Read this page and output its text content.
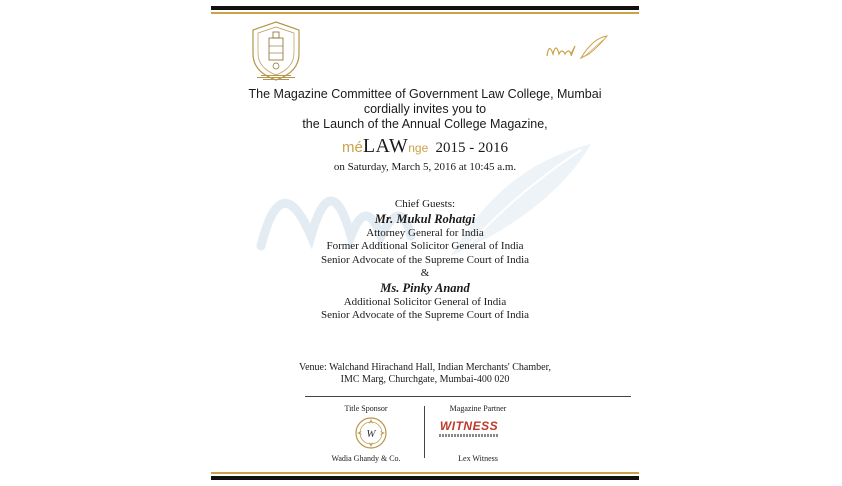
The Magazine Committee of Government Law College, Mumbai
cordially invites you to
the Launch of the Annual College Magazine,
méLAWnge 2015 - 2016
on Saturday, March 5, 2016 at 10:45 a.m.
Chief Guests:
Mr. Mukul Rohatgi
Attorney General for India
Former Additional Solicitor General of India
Senior Advocate of the Supreme Court of India
&
Ms. Pinky Anand
Additional Solicitor General of India
Senior Advocate of the Supreme Court of India
Venue: Walchand Hirachand Hall, Indian Merchants' Chamber,
IMC Marg, Churchgate, Mumbai-400 020
Title Sponsor
W
Wadia Ghandy & Co.
Magazine Partner
WITNESS
Lex Witness
